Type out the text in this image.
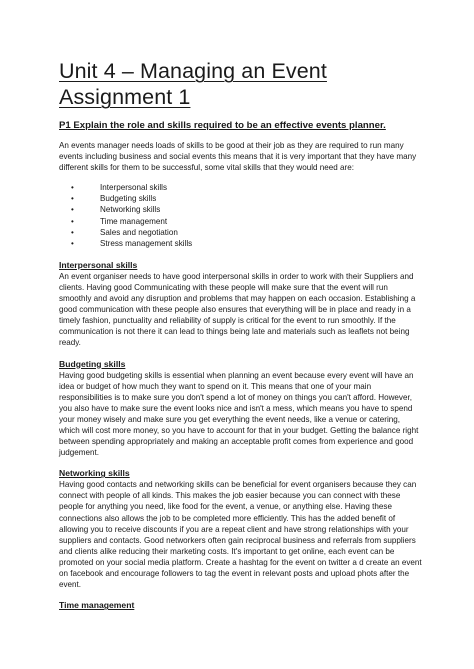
Unit 4 – Managing an Event
Assignment 1
P1 Explain the role and skills required to be an effective events planner.

An events manager needs loads of skills to be good at their job as they are required to run many events including business and social events this means that it is very important that they have many different skills for them to be successful, some vital skills that they would need are:

• Interpersonal skills
• Budgeting skills
• Networking skills
• Time management
• Sales and negotiation
• Stress management skills
Interpersonal skills

An event organiser needs to have good interpersonal skills in order to work with their Suppliers and clients. Having good Communicating with these people will make sure that the event will run smoothly and avoid any disruption and problems that may happen on each occasion. Establishing a good communication with these people also ensures that everything will be in place and ready in a timely fashion, punctuality and reliability of supply is critical for the event to run smoothly. If the communication is not there it can lead to things being late and materials such as leaflets not being ready.

Budgeting skills

Having good budgeting skills is essential when planning an event because every event will have an idea or budget of how much they want to spend on it. This means that one of your main responsibilities is to make sure you don't spend a lot of money on things you can't afford. However, you also have to make sure the event looks nice and isn't a mess, which means you have to spend your money wisely and make sure you get everything the event needs, like a venue or catering, which will cost more money, so you have to account for that in your budget. Getting the balance right between spending appropriately and making an acceptable profit comes from experience and good judgement.

Networking skills

Having good contacts and networking skills can be beneficial for event organisers because they can connect with people of all kinds. This makes the job easier because you can connect with these people for anything you need, like food for the event, a venue, or anything else. Having these connections also allows the job to be completed more efficiently. This has the added benefit of allowing you to receive discounts if you are a repeat client and have strong relationships with your suppliers and contacts. Good networkers often gain reciprocal business and referrals from suppliers and clients alike reducing their marketing costs. It's important to get online, each event can be promoted on your social media platform. Create a hashtag for the event on twitter a d create an event on facebook and encourage followers to tag the event in relevant posts and upload phots after the event.

Time management
